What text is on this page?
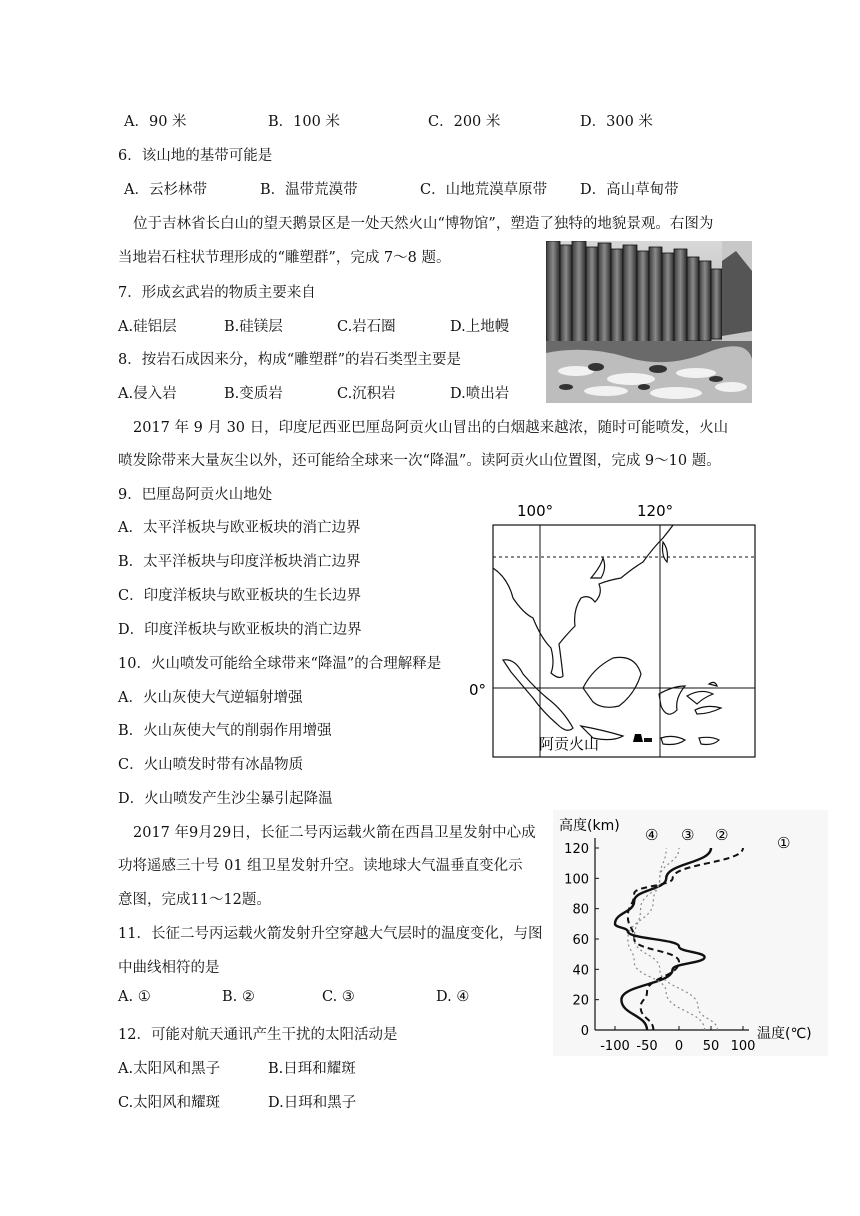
A．90 米	B．100 米	C．200 米	D．300 米
6．该山地的基带可能是
A．云杉林带	B．温带荒漠带	C．山地荒漠草原带 D．高山草甸带
位于吉林省长白山的望天鹅景区是一处天然火山“博物馆”，塑造了独特的地貌景观。右图为
当地岩石柱状节理形成的“雕塑群”，完成 7～8 题。
7．形成玄武岩的物质主要来自
A.硅铝层	B.硅镁层	C.岩石圈	D.上地幔
8．按岩石成因来分，构成“雕塑群”的岩石类型主要是
A.侵入岩	B.变质岩	C.沉积岩	D.喷出岩
2017 年 9 月 30 日，印度尼西亚巴厘岛阿贡火山冒出的白烟越来越浓，随时可能喷发，火山
喷发除带来大量灰尘以外，还可能给全球来一次“降温”。读阿贡火山位置图，完成 9～10 题。
9．巴厘岛阿贡火山地处
A．太平洋板块与欧亚板块的消亡边界
B．太平洋板块与印度洋板块消亡边界
C．印度洋板块与欧亚板块的生长边界
D．印度洋板块与欧亚板块的消亡边界
100°	120°
0°
阿贡火山
10．火山喷发可能给全球带来“降温”的合理解释是
A．火山灰使大气逆辐射增强
B．火山灰使大气的削弱作用增强
C．火山喷发时带有冰晶物质
D．火山喷发产生沙尘暴引起降温
2017 年9月29日，长征二号丙运载火箭在西昌卫星发射中心成
功将遥感三十号 01 组卫星发射升空。读地球大气温垂直变化示
意图，完成11～12题。
11．长征二号丙运载火箭发射升空穿越大气层时的温度变化，与图
中曲线相符的是
A. ①	B. ②	C. ③	D. ④
12．可能对航天通讯产生干扰的太阳活动是
A.太阳风和黑子	B.日珥和耀斑
C.太阳风和耀斑	D.日珥和黑子
高度(km)
温度(℃)
0
20
40
60
80
100
120
-100 -50 0 50 100
①
②
③
④
